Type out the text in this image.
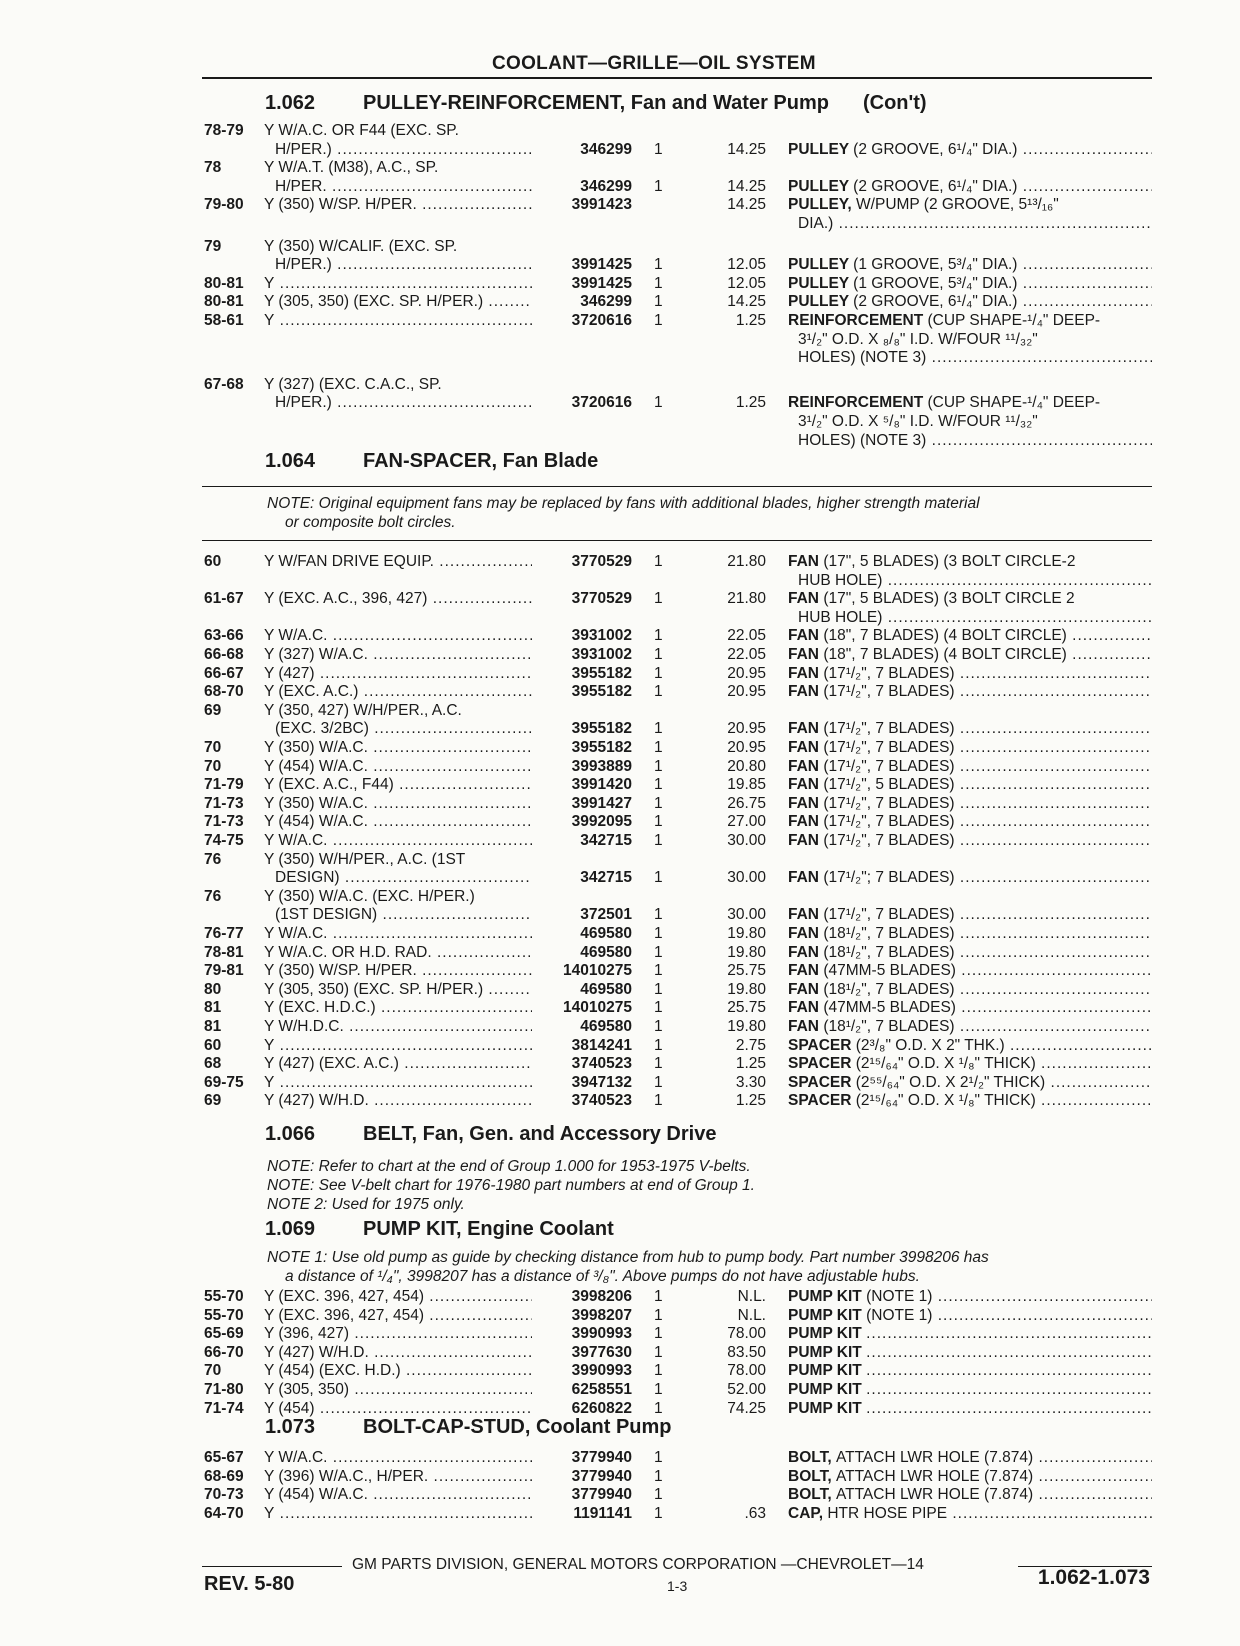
COOLANT—GRILLE—OIL SYSTEM
1.062 PULLEY-REINFORCEMENT, Fan and Water Pump (Con't)
78-79 Y W/A.C. OR F44 (EXC. SP.
H/PER.) .....	346299 1	14.25 PULLEY (2 GROOVE, 6¹/₄" DIA.) .....
78	Y W/A.T. (M38), A.C., SP.
H/PER. .....	346299 1	14.25 PULLEY (2 GROOVE, 6¹/₄" DIA.) .....
79-80 Y (350) W/SP. H/PER. .....	3991423	14.25 PULLEY, W/PUMP (2 GROOVE, 5¹³/₁₆"
DIA.) .....
79	Y (350) W/CALIF. (EXC. SP.
H/PER.) .....	3991425 1	12.05 PULLEY (1 GROOVE, 5³/₄" DIA.) .....
80-81 Y .....	3991425 1	12.05 PULLEY (1 GROOVE, 5³/₄" DIA.) .....
80-81 Y (305, 350) (EXC. SP. H/PER.) .....	346299 1	14.25 PULLEY (2 GROOVE, 6¹/₄" DIA.) .....
58-61 Y .....	3720616 1	1.25 REINFORCEMENT (CUP SHAPE-¹/₄" DEEP-
3¹/₂" O.D. X ₈/₈" I.D. W/FOUR ¹¹/₃₂"
HOLES) (NOTE 3) .....
67-68 Y (327) (EXC. C.A.C., SP.
H/PER.) .....	3720616 1	1.25 REINFORCEMENT (CUP SHAPE-¹/₄" DEEP-
3¹/₂" O.D. X ⁵/₈" I.D. W/FOUR ¹¹/₃₂"
HOLES) (NOTE 3) .....
1.064 FAN-SPACER, Fan Blade
NOTE: Original equipment fans may be replaced by fans with additional blades, higher strength material
or composite bolt circles.
60	Y W/FAN DRIVE EQUIP. .....	3770529 1	21.80 FAN (17", 5 BLADES) (3 BOLT CIRCLE-2
HUB HOLE) .....
61-67 Y (EXC. A.C., 396, 427) .....	3770529 1	21.80 FAN (17", 5 BLADES) (3 BOLT CIRCLE 2
HUB HOLE) .....
63-66 Y W/A.C. .....	3931002 1	22.05 FAN (18", 7 BLADES) (4 BOLT CIRCLE) .....
66-68 Y (327) W/A.C. .....	3931002 1	22.05 FAN (18", 7 BLADES) (4 BOLT CIRCLE) .....
66-67 Y (427) .....	3955182 1	20.95 FAN (17¹/₂", 7 BLADES) .....
68-70 Y (EXC. A.C.) .....	3955182 1	20.95 FAN (17¹/₂", 7 BLADES) .....
69	Y (350, 427) W/H/PER., A.C.
(EXC. 3/2BC) .....	3955182 1	20.95 FAN (17¹/₂", 7 BLADES) .....
70	Y (350) W/A.C. .....	3955182 1	20.95 FAN (17¹/₂", 7 BLADES) .....
70	Y (454) W/A.C. .....	3993889 1	20.80 FAN (17¹/₂", 7 BLADES) .....
71-79 Y (EXC. A.C., F44) .....	3991420 1	19.85 FAN (17¹/₂", 5 BLADES) .....
71-73 Y (350) W/A.C. .....	3991427 1	26.75 FAN (17¹/₂", 7 BLADES) .....
71-73 Y (454) W/A.C. .....	3992095 1	27.00 FAN (17¹/₂", 7 BLADES) .....
74-75 Y W/A.C. .....	342715 1	30.00 FAN (17¹/₂", 7 BLADES) .....
76	Y (350) W/H/PER., A.C. (1ST
DESIGN) .....	342715 1	30.00 FAN (17¹/₂"; 7 BLADES) .....
76	Y (350) W/A.C. (EXC. H/PER.)
(1ST DESIGN) .....	372501 1	30.00 FAN (17¹/₂", 7 BLADES) .....
76-77 Y W/A.C. .....	469580 1	19.80 FAN (18¹/₂", 7 BLADES) .....
78-81 Y W/A.C. OR H.D. RAD. .....	469580 1	19.80 FAN (18¹/₂", 7 BLADES) .....
79-81 Y (350) W/SP. H/PER. .....	14010275 1	25.75 FAN (47MM-5 BLADES) .....
80	Y (305, 350) (EXC. SP. H/PER.) .....	469580 1	19.80 FAN (18¹/₂", 7 BLADES) .....
81	Y (EXC. H.D.C.) .....	14010275 1	25.75 FAN (47MM-5 BLADES) .....
81	Y W/H.D.C. .....	469580 1	19.80 FAN (18¹/₂", 7 BLADES) .....
60	Y .....	3814241 1	2.75 SPACER (2³/₈" O.D. X 2" THK.) .....
68	Y (427) (EXC. A.C.) .....	3740523 1	1.25 SPACER (2¹⁵/₆₄" O.D. X ¹/₈" THICK) .....
69-75 Y .....	3947132 1	3.30 SPACER (2⁵⁵/₆₄" O.D. X 2¹/₂" THICK) .....
69	Y (427) W/H.D. .....	3740523 1	1.25 SPACER (2¹⁵/₆₄" O.D. X ¹/₈" THICK) .....
1.066 BELT, Fan, Gen. and Accessory Drive
NOTE: Refer to chart at the end of Group 1.000 for 1953-1975 V-belts.
NOTE: See V-belt chart for 1976-1980 part numbers at end of Group 1.
NOTE 2: Used for 1975 only.
1.069 PUMP KIT, Engine Coolant
NOTE 1: Use old pump as guide by checking distance from hub to pump body. Part number 3998206 has
a distance of ¹/₄", 3998207 has a distance of ³/₈". Above pumps do not have adjustable hubs.
55-70 Y (EXC. 396, 427, 454) .....	3998206 1	N.L. PUMP KIT (NOTE 1) .....
55-70 Y (EXC. 396, 427, 454) .....	3998207 1	N.L. PUMP KIT (NOTE 1) .....
65-69 Y (396, 427) .....	3990993 1	78.00 PUMP KIT .....
66-70 Y (427) W/H.D. .....	3977630 1	83.50 PUMP KIT .....
70	Y (454) (EXC. H.D.) .....	3990993 1	78.00 PUMP KIT .....
71-80 Y (305, 350) .....	6258551 1	52.00 PUMP KIT .....
71-74 Y (454) .....	6260822 1	74.25 PUMP KIT .....
1.073 BOLT-CAP-STUD, Coolant Pump
65-67 Y W/A.C. .....	3779940 1	BOLT, ATTACH LWR HOLE (7.874) .....
68-69 Y (396) W/A.C., H/PER. .....	3779940 1	BOLT, ATTACH LWR HOLE (7.874) .....
70-73 Y (454) W/A.C. .....	3779940 1	BOLT, ATTACH LWR HOLE (7.874) .....
64-70 Y .....	1191141 1	.63 CAP, HTR HOSE PIPE .....
GM PARTS DIVISION, GENERAL MOTORS CORPORATION —CHEVROLET—14
REV. 5-80	1-3	1.062-1.073
